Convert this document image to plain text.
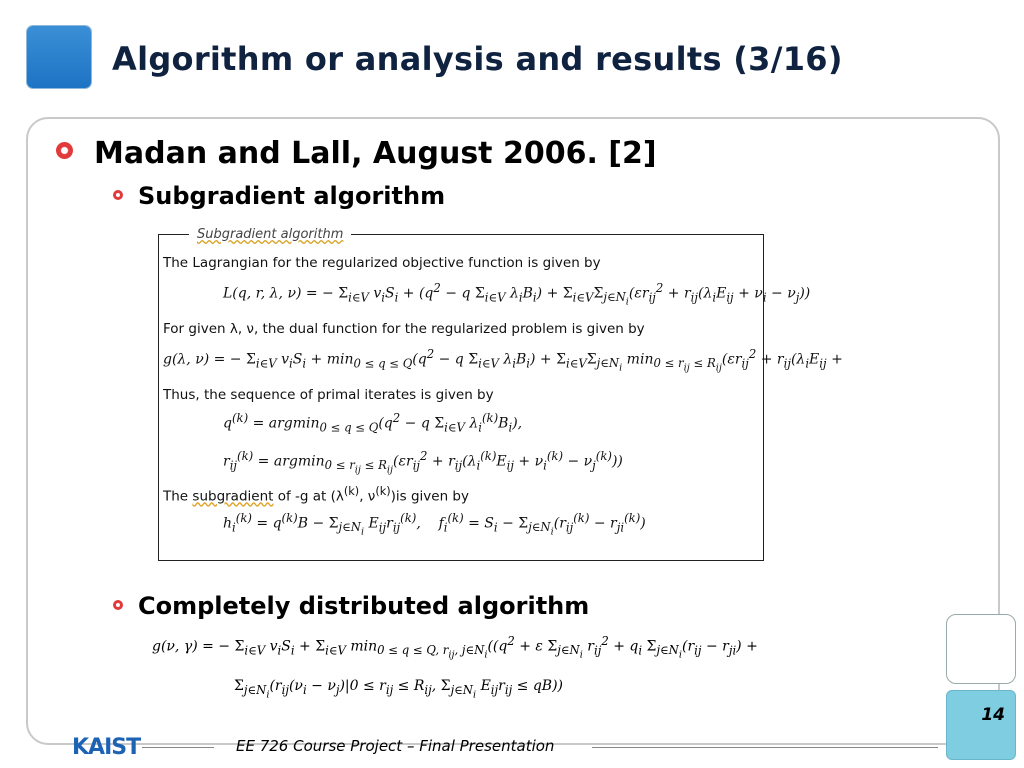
Algorithm or analysis and results (3/16)
Madan and Lall, August 2006. [2]
Subgradient algorithm
Subgradient algorithm
The Lagrangian for the regularized objective function is given by
L(q, r, λ, ν) = − $\Sigma_{i\in V}$ $v_iS_i + (q^2 - q$ $\Sigma_{i\in V}$ $\lambda_iB_i) + \Sigma_{i\in V}\Sigma_{j\in N_i}(\varepsilon r_{ij}^2 + r_{ij}(\lambda_iE_{ij} + \nu_i - \nu_j))$
For given λ, ν, the dual function for the regularized problem is given by
g(λ, ν) = − $\Sigma_{i\in V}$ $v_iS_i + \min_{0 \le q \le Q}(q^2 - q$ $\Sigma_{i\in V}$ $\lambda_iB_i) + \Sigma_{i\in V}\Sigma_{j\in N_i}$ $\min_{0 \le r_{ij} \le R_{ij}}(\varepsilon r_{ij}^2 + r_{ij}(\lambda_iE_{ij}$ +
Thus, the sequence of primal iterates is given by
$q^{(k)} = argmin_{0 \le q \le Q}(q^2 - q$ $\Sigma_{i\in V}$ $\lambda_i^{(k)}B_i$),
$r_{ij}^{(k)} = argmin_{0 \le r_{ij} \le R_{ij}}(\varepsilon r_{ij}^2 + r_{ij}(\lambda_i^{(k)}E_{ij} + \nu_i^{(k)} - \nu_j^{(k)}))$
The subgradient of -g at ($\lambda^{(k)}$, $\nu^{(k)})is$ given by
$h_i^{(k)} = q^{(k)}B - \Sigma_{j\in N_i}$ $E_{ij}r_{ij}^{(k)}$,    $f_i^{(k)} = S_i - \Sigma_{j\in N_i}(r_{ij}^{(k)} - r_{ji}^{(k)})$
Completely distributed algorithm
g(ν, γ) = − $\Sigma_{i\in V}$ $v_iS_i + \Sigma_{i\in V}$ $\min_{0 \le q \le Q, r_{ij}, j\in N_i}((q^2 + \varepsilon$ $\Sigma_{j\in N_i}$ $r_{ij}^2 + q_i$ $\Sigma_{j\in N_i}(r_{ij} - r_{ji})$ +
$\Sigma_{j\in N_i}(r_{ij}(\nu_i - \nu_j)|0 \le r_{ij} \le R_{ij}$, $\Sigma_{j\in N_i}$ $E_{ij}r_{ij} \le qB$))
14
KAIST	EE 726 Course Project – Final Presentation
